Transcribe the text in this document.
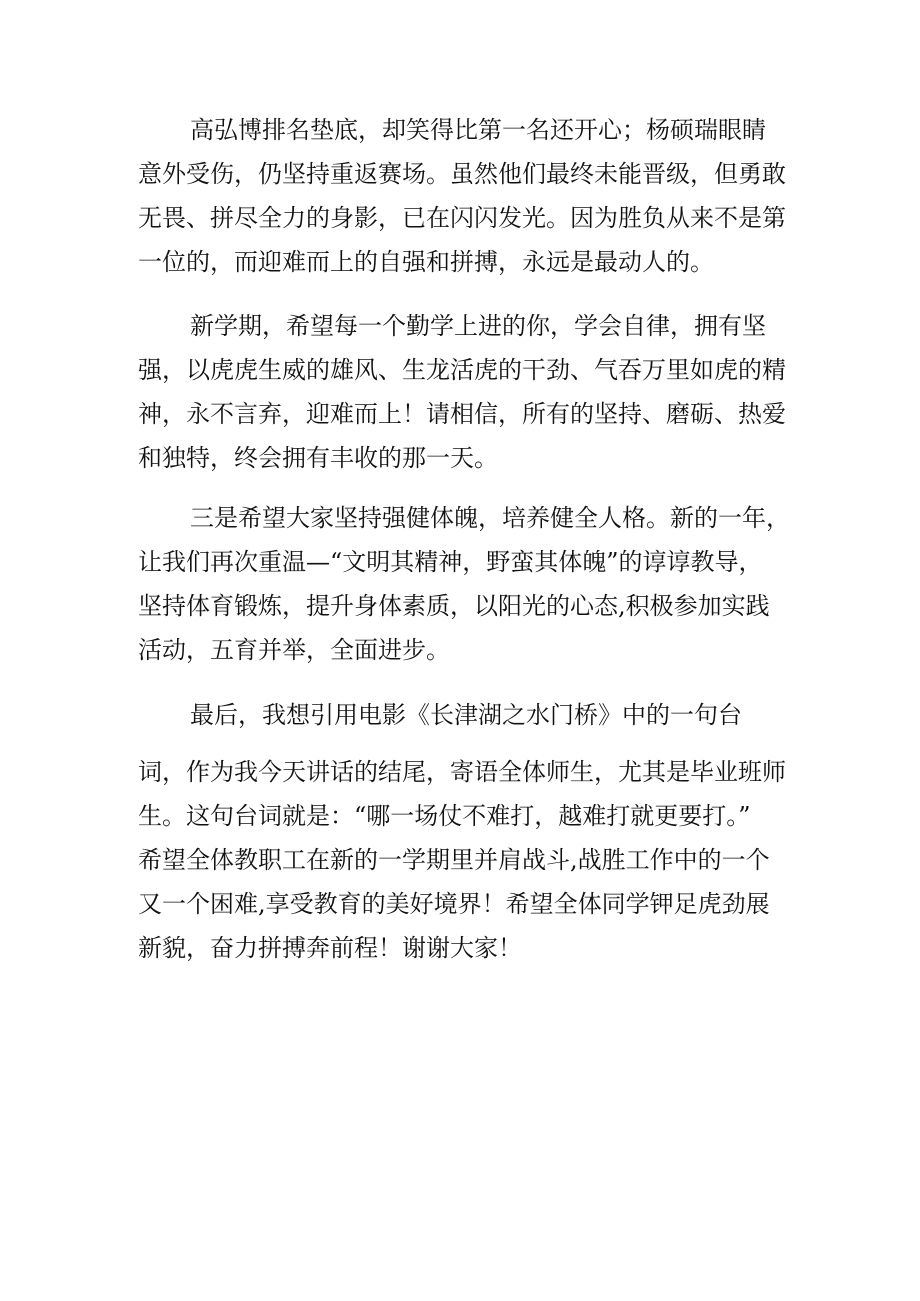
高弘博排名垫底，却笑得比第一名还开心；杨硕瑞眼睛
意外受伤，仍坚持重返赛场。虽然他们最终未能晋级，但勇敢
无畏、拼尽全力的身影，已在闪闪发光。因为胜负从来不是第
一位的，而迎难而上的自强和拼搏，永远是最动人的。
新学期，希望每一个勤学上进的你，学会自律，拥有坚
强，以虎虎生威的雄风、生龙活虎的干劲、气吞万里如虎的精
神，永不言弃，迎难而上！请相信，所有的坚持、磨砺、热爱
和独特，终会拥有丰收的那一天。
三是希望大家坚持强健体魄，培养健全人格。新的一年，
让我们再次重温—“文明其精神，野蛮其体魄”的谆谆教导，
坚持体育锻炼，提升身体素质，以阳光的心态,积极参加实践
活动，五育并举，全面进步。
最后，我想引用电影《长津湖之水门桥》中的一句台
词，作为我今天讲话的结尾，寄语全体师生，尤其是毕业班师
生。这句台词就是：“哪一场仗不难打，越难打就更要打。”
希望全体教职工在新的一学期里并肩战斗,战胜工作中的一个
又一个困难,享受教育的美好境界！希望全体同学钾足虎劲展
新貌，奋力拼搏奔前程！谢谢大家！
